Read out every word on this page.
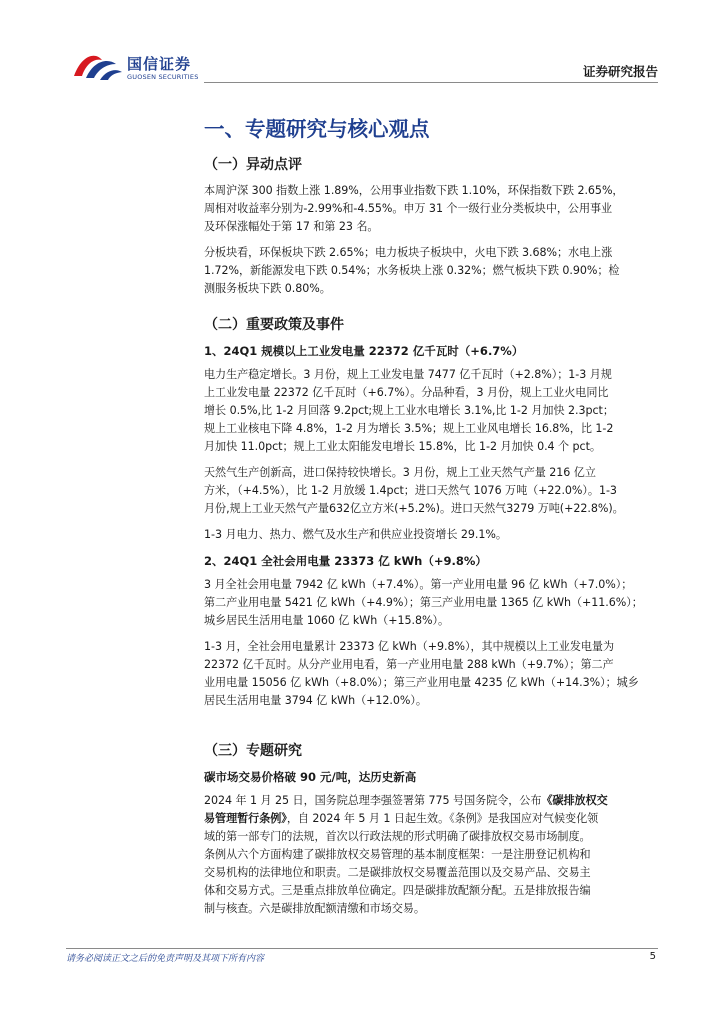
国信证券
GUOSEN SECURITIES	证券研究报告
一、专题研究与核心观点
（一）异动点评
本周沪深 300 指数上涨 1.89%，公用事业指数下跌 1.10%，环保指数下跌 2.65%，
周相对收益率分别为-2.99%和-4.55%。申万 31 个一级行业分类板块中，公用事业
及环保涨幅处于第 17 和第 23 名。
分板块看，环保板块下跌 2.65%；电力板块子板块中，火电下跌 3.68%；水电上涨
1.72%，新能源发电下跌 0.54%；水务板块上涨 0.32%；燃气板块下跌 0.90%；检
测服务板块下跌 0.80%。
（二）重要政策及事件
1、24Q1 规模以上工业发电量 22372 亿千瓦时（+6.7%）
电力生产稳定增长。3 月份，规上工业发电量 7477 亿千瓦时（+2.8%）；1-3 月规
上工业发电量 22372 亿千瓦时（+6.7%）。分品种看，3 月份，规上工业火电同比
增长 0.5%,比 1-2 月回落 9.2pct;规上工业水电增长 3.1%,比 1-2 月加快 2.3pct；
规上工业核电下降 4.8%，1-2 月为增长 3.5%；规上工业风电增长 16.8%，比 1-2
月加快 11.0pct；规上工业太阳能发电增长 15.8%，比 1-2 月加快 0.4 个 pct。
天然气生产创新高，进口保持较快增长。3 月份，规上工业天然气产量 216 亿立
方米，（+4.5%），比 1-2 月放缓 1.4pct；进口天然气 1076 万吨（+22.0%）。1-3
月份,规上工业天然气产量632亿立方米(+5.2%)。进口天然气3279 万吨(+22.8%)。
1-3 月电力、热力、燃气及水生产和供应业投资增长 29.1%。
2、24Q1 全社会用电量 23373 亿 kWh（+9.8%）
3 月全社会用电量 7942 亿 kWh（+7.4%）。第一产业用电量 96 亿 kWh（+7.0%）；
第二产业用电量 5421 亿 kWh（+4.9%）；第三产业用电量 1365 亿 kWh（+11.6%）；
城乡居民生活用电量 1060 亿 kWh（+15.8%）。
1-3 月，全社会用电量累计 23373 亿 kWh（+9.8%），其中规模以上工业发电量为
22372 亿千瓦时。从分产业用电看，第一产业用电量 288 kWh（+9.7%）；第二产
业用电量 15056 亿 kWh（+8.0%）；第三产业用电量 4235 亿 kWh（+14.3%）；城乡
居民生活用电量 3794 亿 kWh（+12.0%）。
（三）专题研究
碳市场交易价格破 90 元/吨，达历史新高
2024 年 1 月 25 日，国务院总理李强签署第 775 号国务院令，公布《碳排放权交
易管理暂行条例》，自 2024 年 5 月 1 日起生效。《条例》是我国应对气候变化领
域的第一部专门的法规，首次以行政法规的形式明确了碳排放权交易市场制度。
条例从六个方面构建了碳排放权交易管理的基本制度框架：一是注册登记机构和
交易机构的法律地位和职责。二是碳排放权交易覆盖范围以及交易产品、交易主
体和交易方式。三是重点排放单位确定。四是碳排放配额分配。五是排放报告编
制与核查。六是碳排放配额清缴和市场交易。
请务必阅读正文之后的免责声明及其项下所有内容	5
